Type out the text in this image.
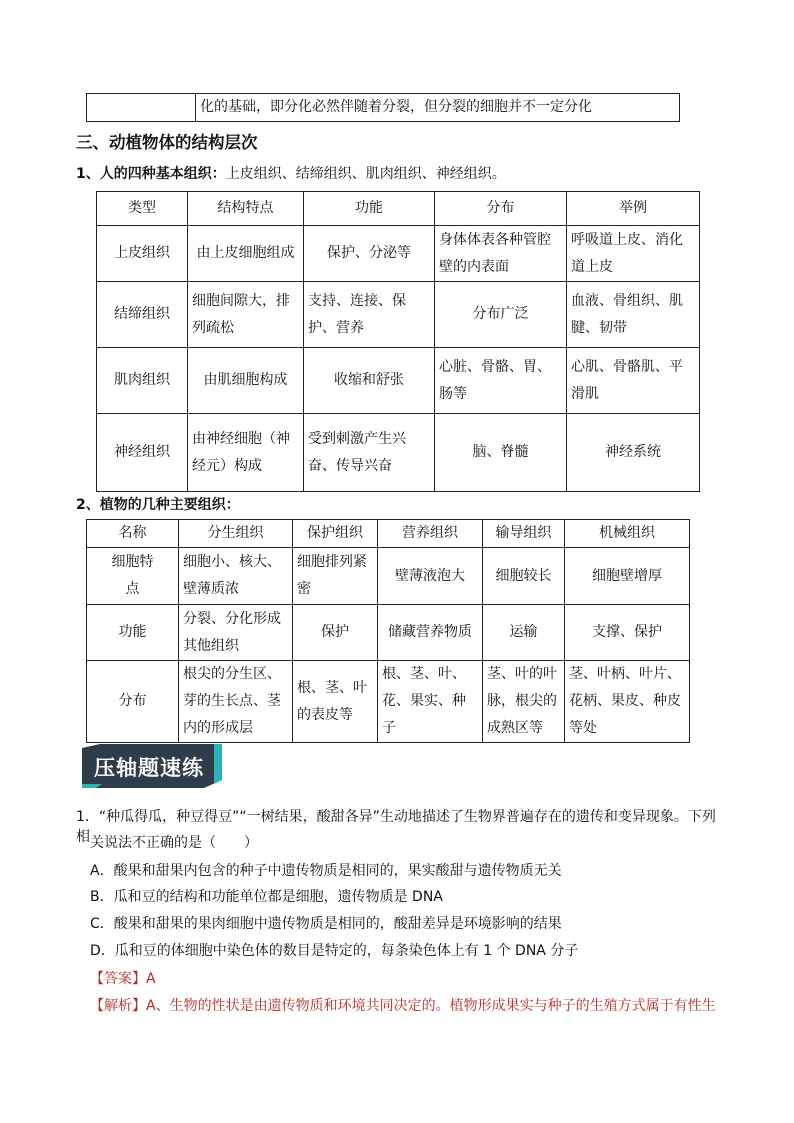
	化的基础，即分化必然伴随着分裂，但分裂的细胞并不一定分化
三、动植物体的结构层次
1、人的四种基本组织：上皮组织、结缔组织、肌肉组织、神经组织。
类型	结构特点	功能	分布	举例
上皮组织	由上皮细胞组成	保护、分泌等	身体体表各种管腔壁的内表面	呼吸道上皮、消化道上皮
结缔组织	细胞间隙大，排列疏松	支持、连接、保护、营养	分布广泛	血液、骨组织、肌腱、韧带
肌肉组织	由肌细胞构成	收缩和舒张	心脏、骨骼、胃、肠等	心肌、骨骼肌、平滑肌
神经组织	由神经细胞（神经元）构成	受到刺激产生兴奋、传导兴奋	脑、脊髓	神经系统
2、植物的几种主要组织：
名称	分生组织	保护组织	营养组织	输导组织	机械组织
细胞特点	细胞小、核大、壁薄质浓	细胞排列紧密	壁薄液泡大	细胞较长	细胞壁增厚
功能	分裂、分化形成其他组织	保护	储藏营养物质	运输	支撑、保护
分布	根尖的分生区、芽的生长点、茎内的形成层	根、茎、叶的表皮等	根、茎、叶、花、果实、种子	茎、叶的叶脉，根尖的成熟区等	茎、叶柄、叶片、花柄、果皮、种皮等处
压轴题速练
1．“种瓜得瓜，种豆得豆”“一树结果，酸甜各异”生动地描述了生物界普遍存在的遗传和变异现象。下列相 关说法不正确的是（　　）
A．酸果和甜果内包含的种子中遗传物质是相同的，果实酸甜与遗传物质无关
B．瓜和豆的结构和功能单位都是细胞，遗传物质是 DNA
C．酸果和甜果的果肉细胞中遗传物质是相同的，酸甜差异是环境影响的结果
D．瓜和豆的体细胞中染色体的数目是特定的，每条染色体上有 1 个 DNA 分子
【答案】A
【解析】A、生物的性状是由遗传物质和环境共同决定的。植物形成果实与种子的生殖方式属于有性生
